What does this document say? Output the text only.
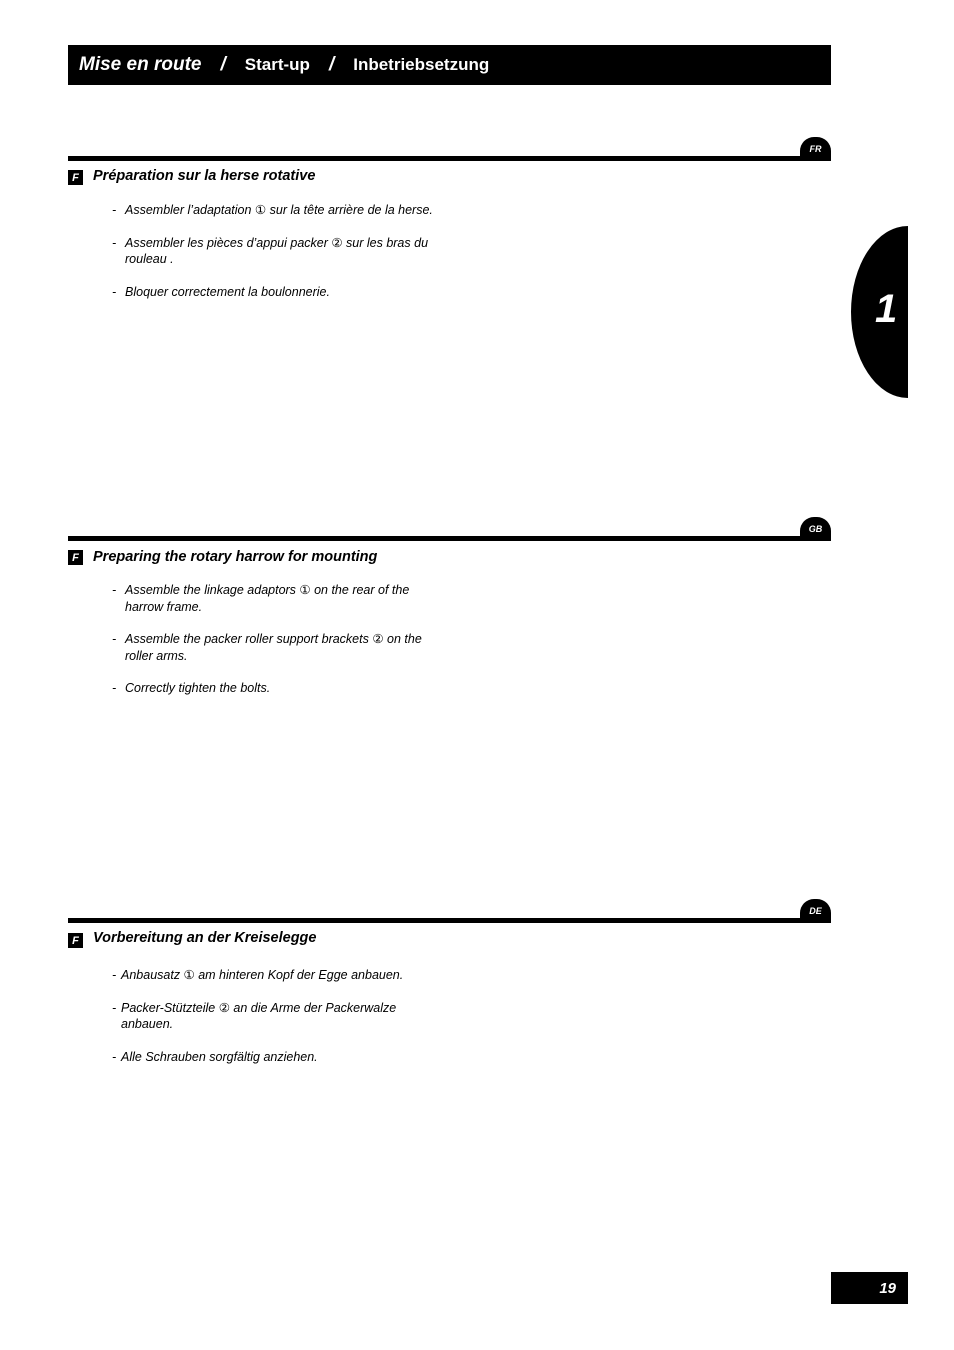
Mise en route / Start-up / Inbetriebsetzung
1
FR
F Préparation sur la herse rotative
- Assembler l’adaptation ① sur la tête arrière de la herse.
- Assembler les pièces d’appui packer ② sur les bras du rouleau .
- Bloquer correctement la boulonnerie.
GB
F Preparing the rotary harrow for mounting
- Assemble the linkage adaptors ① on the rear of the harrow frame.
- Assemble the packer roller support brackets ② on the roller arms.
- Correctly tighten the bolts.
DE
F Vorbereitung an der Kreiselegge
- Anbausatz ① am hinteren Kopf der Egge anbauen.
- Packer-Stützteile ② an die Arme der Packerwalze anbauen.
- Alle Schrauben sorgfältig anziehen.
19
